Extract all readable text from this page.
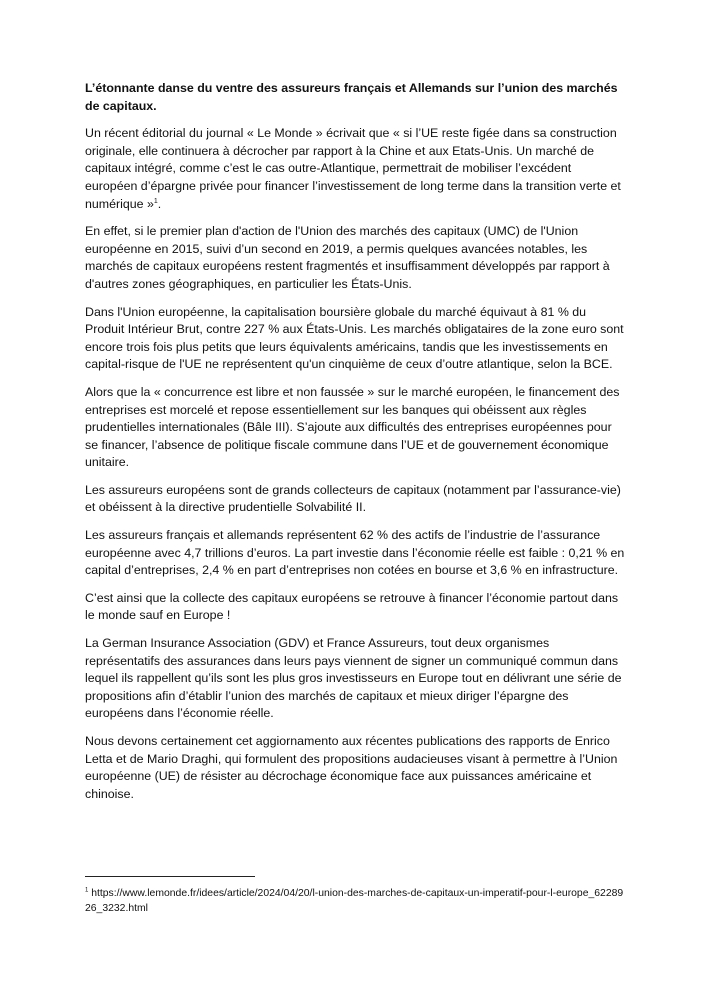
L’étonnante danse du ventre des assureurs français et Allemands sur l’union des marchés de capitaux.

Un récent éditorial du journal « Le Monde » écrivait que « si l’UE reste figée dans sa construction originale, elle continuera à décrocher par rapport à la Chine et aux Etats-Unis. Un marché de capitaux intégré, comme c’est le cas outre-Atlantique, permettrait de mobiliser l’excédent européen d’épargne privée pour financer l’investissement de long terme dans la transition verte et numérique »$^1$.

En effet, si le premier plan d'action de l'Union des marchés des capitaux (UMC) de l'Union européenne en 2015, suivi d’un second en 2019, a permis quelques avancées notables, les marchés de capitaux européens restent fragmentés et insuffisamment développés par rapport à d'autres zones géographiques, en particulier les États-Unis.

Dans l'Union européenne, la capitalisation boursière globale du marché équivaut à 81 % du Produit Intérieur Brut, contre 227 % aux États-Unis. Les marchés obligataires de la zone euro sont encore trois fois plus petits que leurs équivalents américains, tandis que les investissements en capital-risque de l'UE ne représentent qu'un cinquième de ceux d’outre atlantique, selon la BCE.

Alors que la « concurrence est libre et non faussée » sur le marché européen, le financement des entreprises est morcelé et repose essentiellement sur les banques qui obéissent aux règles prudentielles internationales (Bâle III). S’ajoute aux difficultés des entreprises européennes pour se financer, l’absence de politique fiscale commune dans l’UE et de gouvernement économique unitaire.

Les assureurs européens sont de grands collecteurs de capitaux (notamment par l’assurance-vie) et obéissent à la directive prudentielle Solvabilité II.

Les assureurs français et allemands représentent 62 % des actifs de l’industrie de l’assurance européenne avec 4,7 trillions d’euros. La part investie dans l’économie réelle est faible : 0,21 % en capital d’entreprises, 2,4 % en part d’entreprises non cotées en bourse et 3,6 % en infrastructure.

C’est ainsi que la collecte des capitaux européens se retrouve à financer l’économie partout dans le monde sauf en Europe !

La German Insurance Association (GDV) et France Assureurs, tout deux organismes représentatifs des assurances dans leurs pays viennent de signer un communiqué commun dans lequel ils rappellent qu’ils sont les plus gros investisseurs en Europe tout en délivrant une série de propositions afin d’établir l’union des marchés de capitaux et mieux diriger l’épargne des européens dans l’économie réelle.

Nous devons certainement cet aggiornamento aux récentes publications des rapports de Enrico Letta et de Mario Draghi, qui formulent des propositions audacieuses visant à permettre à l’Union européenne (UE) de résister au décrochage économique face aux puissances américaine et chinoise.

$^1$ https://www.lemonde.fr/idees/article/2024/04/20/l-union-des-marches-de-capitaux-un-imperatif-pour-l-europe_6228926_3232.html
